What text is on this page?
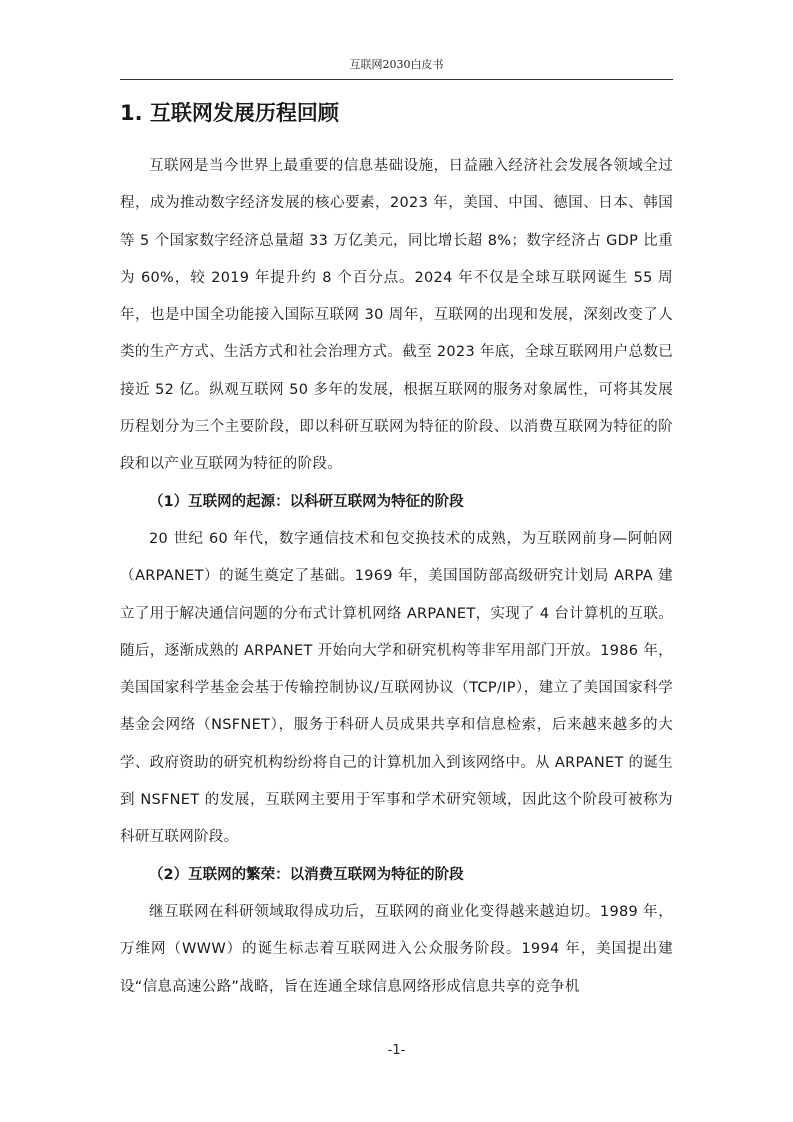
互联网2030白皮书
1. 互联网发展历程回顾

互联网是当今世界上最重要的信息基础设施，日益融入经济社会发展各领域全过程，成为推动数字经济发展的核心要素，2023 年，美国、中国、德国、日本、韩国等 5 个国家数字经济总量超 33 万亿美元，同比增长超 8%；数字经济占 GDP 比重为 60%，较 2019 年提升约 8 个百分点。2024 年不仅是全球互联网诞生 55 周年，也是中国全功能接入国际互联网 30 周年，互联网的出现和发展，深刻改变了人类的生产方式、生活方式和社会治理方式。截至 2023 年底，全球互联网用户总数已接近 52 亿。纵观互联网 50 多年的发展，根据互联网的服务对象属性，可将其发展历程划分为三个主要阶段，即以科研互联网为特征的阶段、以消费互联网为特征的阶段和以产业互联网为特征的阶段。

（1）互联网的起源：以科研互联网为特征的阶段

20 世纪 60 年代，数字通信技术和包交换技术的成熟，为互联网前身—阿帕网（ARPANET）的诞生奠定了基础。1969 年，美国国防部高级研究计划局 ARPA 建立了用于解决通信问题的分布式计算机网络 ARPANET，实现了 4 台计算机的互联。随后，逐渐成熟的 ARPANET 开始向大学和研究机构等非军用部门开放。1986 年，美国国家科学基金会基于传输控制协议/互联网协议（TCP/IP），建立了美国国家科学基金会网络（NSFNET），服务于科研人员成果共享和信息检索，后来越来越多的大学、政府资助的研究机构纷纷将自己的计算机加入到该网络中。从 ARPANET 的诞生到 NSFNET 的发展，互联网主要用于军事和学术研究领域，因此这个阶段可被称为科研互联网阶段。

（2）互联网的繁荣：以消费互联网为特征的阶段

继互联网在科研领域取得成功后，互联网的商业化变得越来越迫切。1989 年，万维网（WWW）的诞生标志着互联网进入公众服务阶段。1994 年，美国提出建设“信息高速公路”战略，旨在连通全球信息网络形成信息共享的竞争机

-1-
